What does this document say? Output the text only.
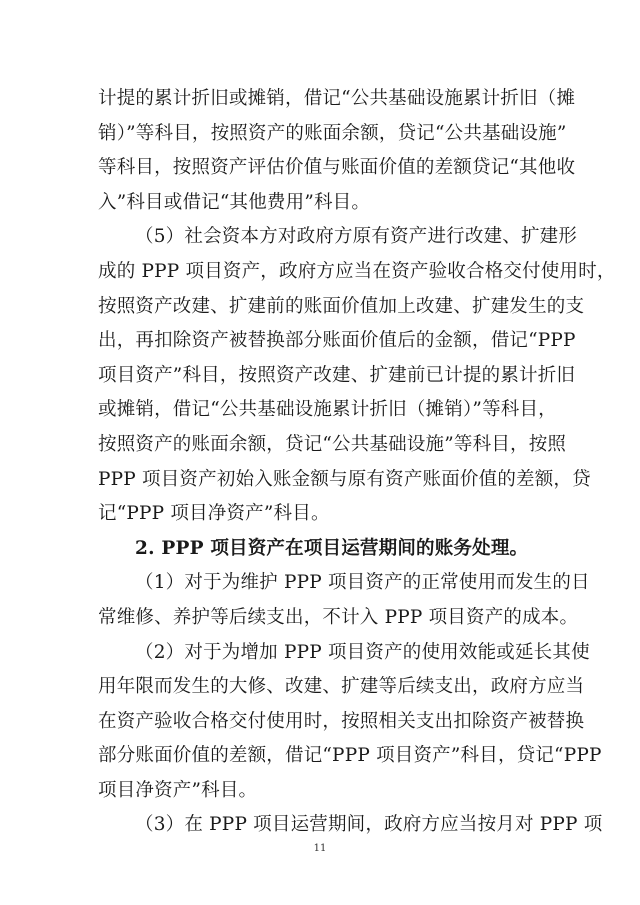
计提的累计折旧或摊销，借记“公共基础设施累计折旧（摊
销）”等科目，按照资产的账面余额，贷记“公共基础设施”
等科目，按照资产评估价值与账面价值的差额贷记“其他收
入”科目或借记“其他费用”科目。
（5）社会资本方对政府方原有资产进行改建、扩建形
成的 PPP 项目资产，政府方应当在资产验收合格交付使用时，
按照资产改建、扩建前的账面价值加上改建、扩建发生的支
出，再扣除资产被替换部分账面价值后的金额，借记“PPP
项目资产”科目，按照资产改建、扩建前已计提的累计折旧
或摊销，借记“公共基础设施累计折旧（摊销）”等科目，
按照资产的账面余额，贷记“公共基础设施”等科目，按照
PPP 项目资产初始入账金额与原有资产账面价值的差额，贷
记“PPP 项目净资产”科目。
2. PPP 项目资产在项目运营期间的账务处理。
（1）对于为维护 PPP 项目资产的正常使用而发生的日
常维修、养护等后续支出，不计入 PPP 项目资产的成本。
（2）对于为增加 PPP 项目资产的使用效能或延长其使
用年限而发生的大修、改建、扩建等后续支出，政府方应当
在资产验收合格交付使用时，按照相关支出扣除资产被替换
部分账面价值的差额，借记“PPP 项目资产”科目，贷记“PPP
项目净资产”科目。
（3）在 PPP 项目运营期间，政府方应当按月对 PPP 项
11
